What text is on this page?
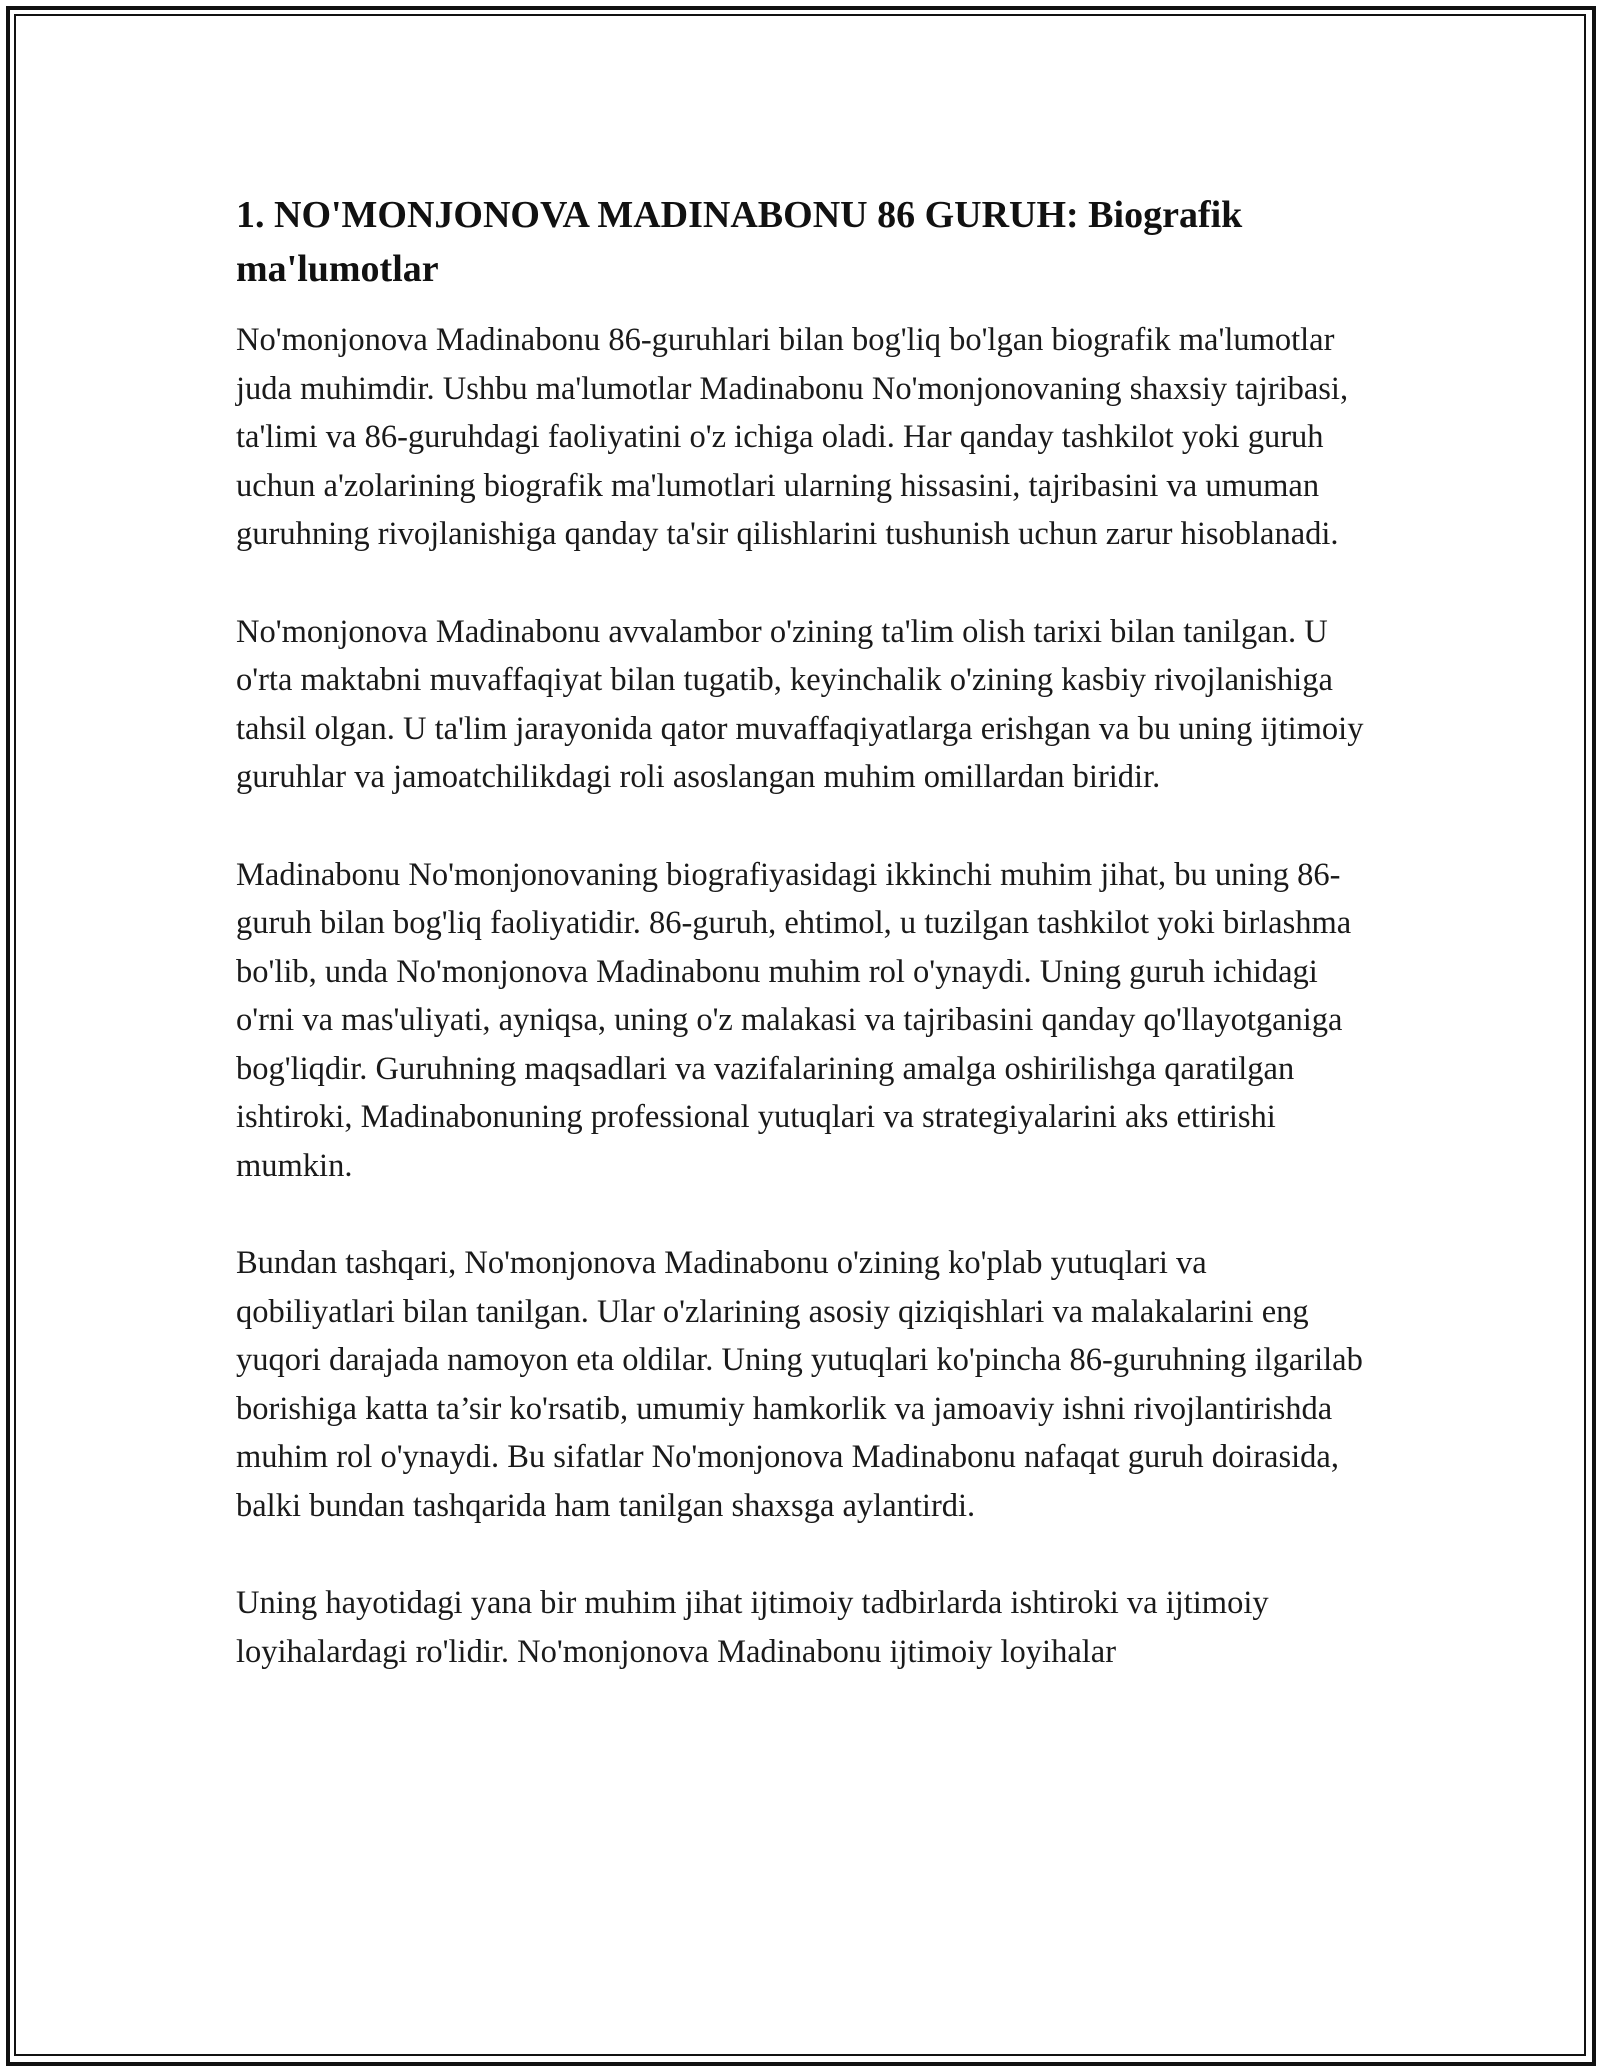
1. NO'MONJONOVA MADINABONU 86 GURUH: Biografik ma'lumotlar

No'monjonova Madinabonu 86-guruhlari bilan bog'liq bo'lgan biografik ma'lumotlar juda muhimdir. Ushbu ma'lumotlar Madinabonu No'monjonovaning shaxsiy tajribasi, ta'limi va 86-guruhdagi faoliyatini o'z ichiga oladi. Har qanday tashkilot yoki guruh uchun a'zolarining biografik ma'lumotlari ularning hissasini, tajribasini va umuman guruhning rivojlanishiga qanday ta'sir qilishlarini tushunish uchun zarur hisoblanadi.

No'monjonova Madinabonu avvalambor o'zining ta'lim olish tarixi bilan tanilgan. U o'rta maktabni muvaffaqiyat bilan tugatib, keyinchalik o'zining kasbiy rivojlanishiga tahsil olgan. U ta'lim jarayonida qator muvaffaqiyatlarga erishgan va bu uning ijtimoiy guruhlar va jamoatchilikdagi roli asoslangan muhim omillardan biridir.

Madinabonu No'monjonovaning biografiyasidagi ikkinchi muhim jihat, bu uning 86-guruh bilan bog'liq faoliyatidir. 86-guruh, ehtimol, u tuzilgan tashkilot yoki birlashma bo'lib, unda No'monjonova Madinabonu muhim rol o'ynaydi. Uning guruh ichidagi o'rni va mas'uliyati, ayniqsa, uning o'z malakasi va tajribasini qanday qo'llayotganiga bog'liqdir. Guruhning maqsadlari va vazifalarining amalga oshirilishga qaratilgan ishtiroki, Madinabonuning professional yutuqlari va strategiyalarini aks ettirishi mumkin.

Bundan tashqari, No'monjonova Madinabonu o'zining ko'plab yutuqlari va qobiliyatlari bilan tanilgan. Ular o'zlarining asosiy qiziqishlari va malakalarini eng yuqori darajada namoyon eta oldilar. Uning yutuqlari ko'pincha 86-guruhning ilgarilab borishiga katta ta’sir ko'rsatib, umumiy hamkorlik va jamoaviy ishni rivojlantirishda muhim rol o'ynaydi. Bu sifatlar No'monjonova Madinabonu nafaqat guruh doirasida, balki bundan tashqarida ham tanilgan shaxsga aylantirdi.

Uning hayotidagi yana bir muhim jihat ijtimoiy tadbirlarda ishtiroki va ijtimoiy loyihalardagi ro'lidir. No'monjonova Madinabonu ijtimoiy loyihalar
